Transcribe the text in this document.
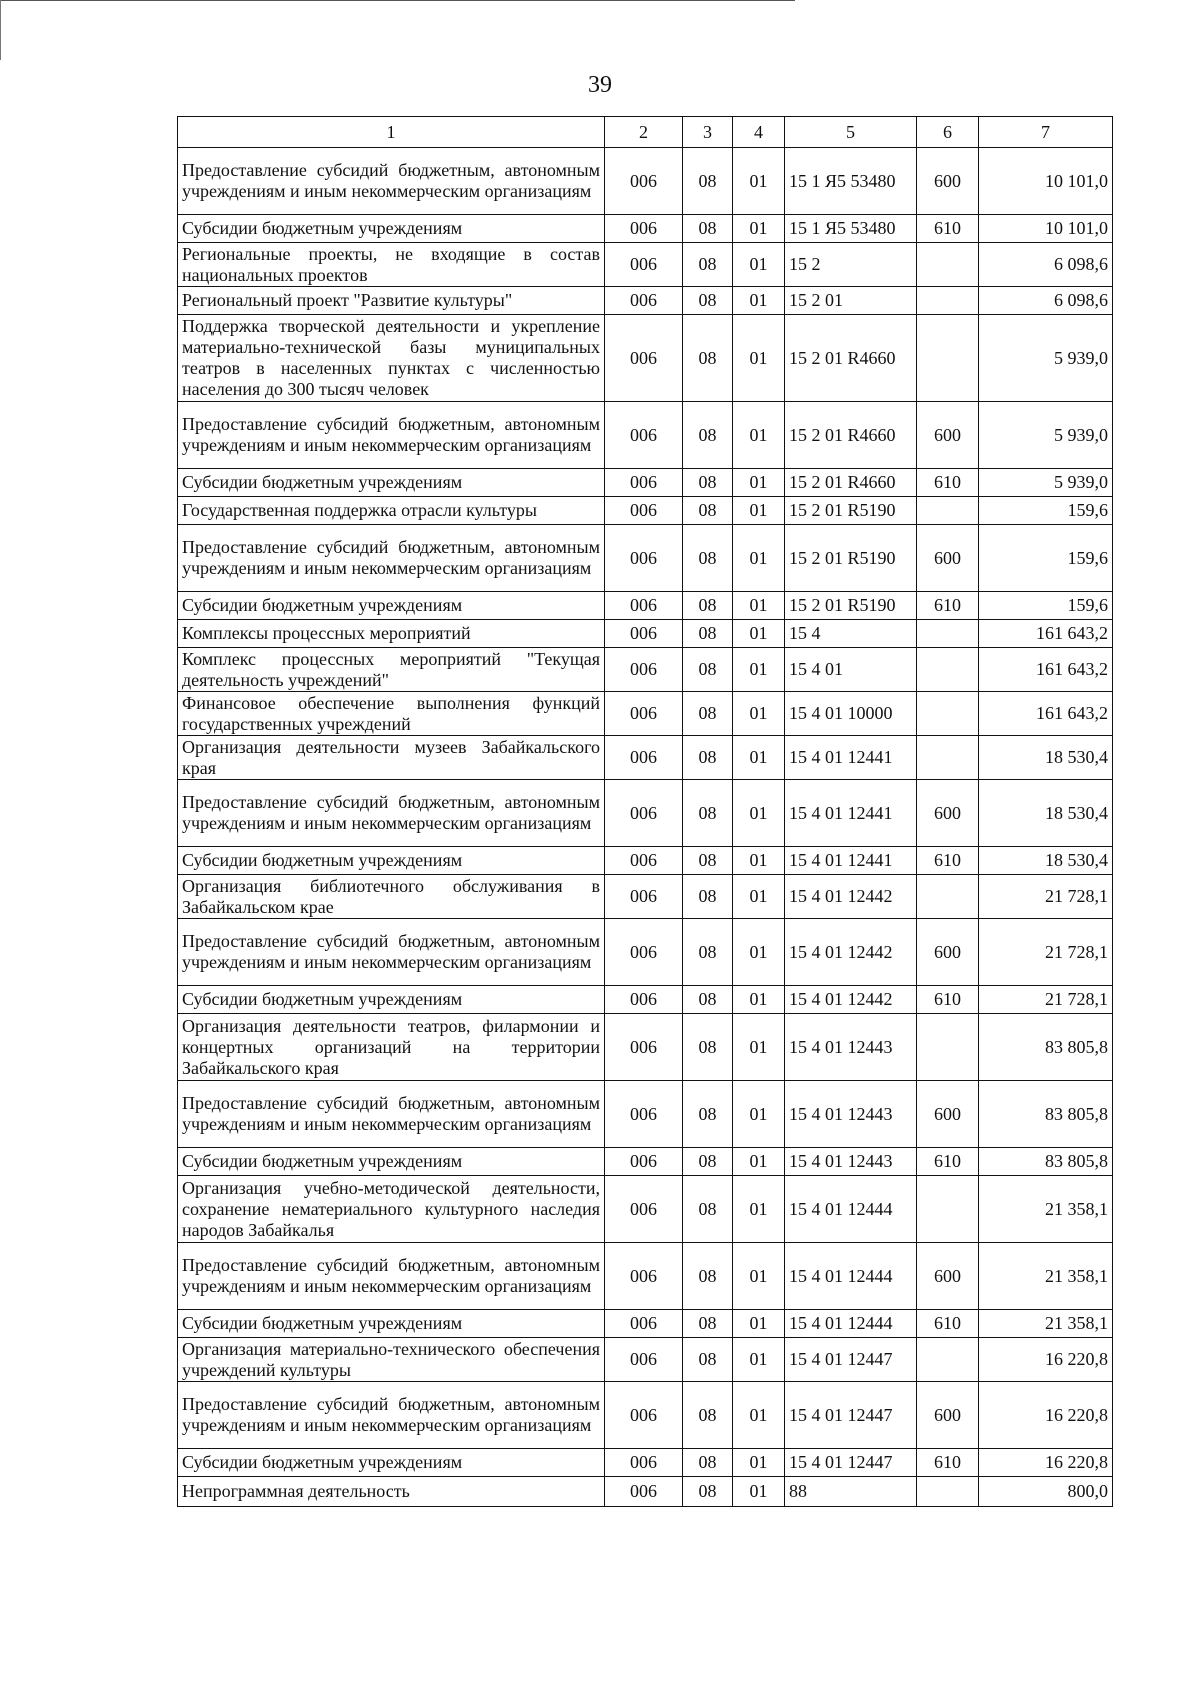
39
1	2	3	4	5	6	7
Предоставление субсидий бюджетным, автономным учреждениям и иным некоммерческим организациям	006	08	01	15 1 Я5 53480	600	10 101,0
Субсидии бюджетным учреждениям	006	08	01	15 1 Я5 53480	610	10 101,0
Региональные проекты, не входящие в состав национальных проектов	006	08	01	15 2		6 098,6
Региональный проект "Развитие культуры"	006	08	01	15 2 01		6 098,6
Поддержка творческой деятельности и укрепление материально-технической базы муниципальных театров в населенных пунктах с численностью населения до 300 тысяч человек	006	08	01	15 2 01 R4660		5 939,0
Предоставление субсидий бюджетным, автономным учреждениям и иным некоммерческим организациям	006	08	01	15 2 01 R4660	600	5 939,0
Субсидии бюджетным учреждениям	006	08	01	15 2 01 R4660	610	5 939,0
Государственная поддержка отрасли культуры	006	08	01	15 2 01 R5190		159,6
Предоставление субсидий бюджетным, автономным учреждениям и иным некоммерческим организациям	006	08	01	15 2 01 R5190	600	159,6
Субсидии бюджетным учреждениям	006	08	01	15 2 01 R5190	610	159,6
Комплексы процессных мероприятий	006	08	01	15 4		161 643,2
Комплекс процессных мероприятий "Текущая деятельность учреждений"	006	08	01	15 4 01		161 643,2
Финансовое обеспечение выполнения функций государственных учреждений	006	08	01	15 4 01 10000		161 643,2
Организация деятельности музеев Забайкальского края	006	08	01	15 4 01 12441		18 530,4
Предоставление субсидий бюджетным, автономным учреждениям и иным некоммерческим организациям	006	08	01	15 4 01 12441	600	18 530,4
Субсидии бюджетным учреждениям	006	08	01	15 4 01 12441	610	18 530,4
Организация библиотечного обслуживания в Забайкальском крае	006	08	01	15 4 01 12442		21 728,1
Предоставление субсидий бюджетным, автономным учреждениям и иным некоммерческим организациям	006	08	01	15 4 01 12442	600	21 728,1
Субсидии бюджетным учреждениям	006	08	01	15 4 01 12442	610	21 728,1
Организация деятельности театров, филармонии и концертных организаций на территории Забайкальского края	006	08	01	15 4 01 12443		83 805,8
Предоставление субсидий бюджетным, автономным учреждениям и иным некоммерческим организациям	006	08	01	15 4 01 12443	600	83 805,8
Субсидии бюджетным учреждениям	006	08	01	15 4 01 12443	610	83 805,8
Организация учебно-методической деятельности, сохранение нематериального культурного наследия народов Забайкалья	006	08	01	15 4 01 12444		21 358,1
Предоставление субсидий бюджетным, автономным учреждениям и иным некоммерческим организациям	006	08	01	15 4 01 12444	600	21 358,1
Субсидии бюджетным учреждениям	006	08	01	15 4 01 12444	610	21 358,1
Организация материально-технического обеспечения учреждений культуры	006	08	01	15 4 01 12447		16 220,8
Предоставление субсидий бюджетным, автономным учреждениям и иным некоммерческим организациям	006	08	01	15 4 01 12447	600	16 220,8
Субсидии бюджетным учреждениям	006	08	01	15 4 01 12447	610	16 220,8
Непрограммная деятельность	006	08	01	88		800,0
